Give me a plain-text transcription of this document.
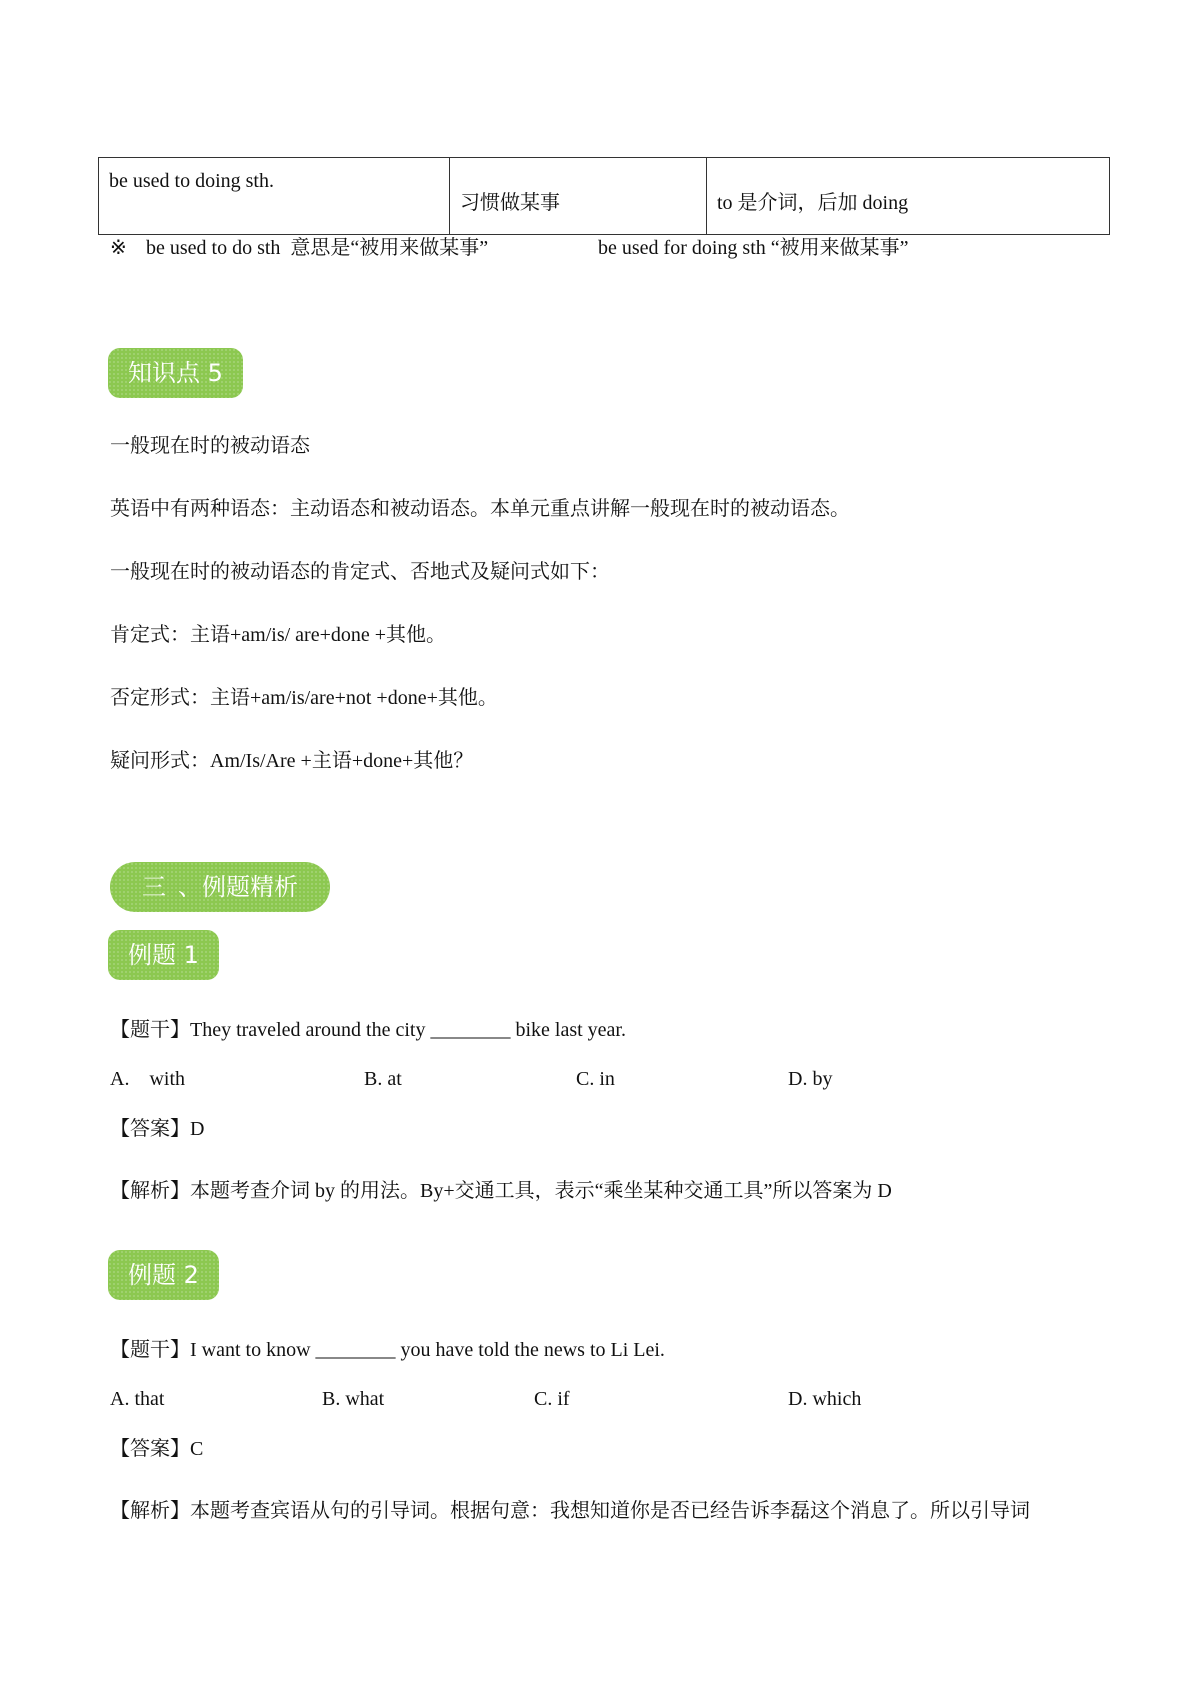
be used to doing sth.	习惯做某事	to 是介词，后加 doing
※ be used to do sth  意思是“被用来做某事”	be used for doing sth “被用来做某事”
知识点 5
一般现在时的被动语态
英语中有两种语态：主动语态和被动语态。本单元重点讲解一般现在时的被动语态。
一般现在时的被动语态的肯定式、否地式及疑问式如下：
肯定式：主语+am/is/ are+done +其他。
否定形式：主语+am/is/are+not +done+其他。
疑问形式：Am/Is/Are +主语+done+其他？
三 、例题精析
例题 1
【题干】They traveled around the city ________ bike last year.
A.    with	B. at	C. in	D. by
【答案】D
【解析】本题考查介词 by 的用法。By+交通工具，表示“乘坐某种交通工具”所以答案为 D
例题 2
【题干】I want to know ________ you have told the news to Li Lei.
A. that	B. what	C. if	D. which
【答案】C
【解析】本题考查宾语从句的引导词。根据句意：我想知道你是否已经告诉李磊这个消息了。所以引导词
